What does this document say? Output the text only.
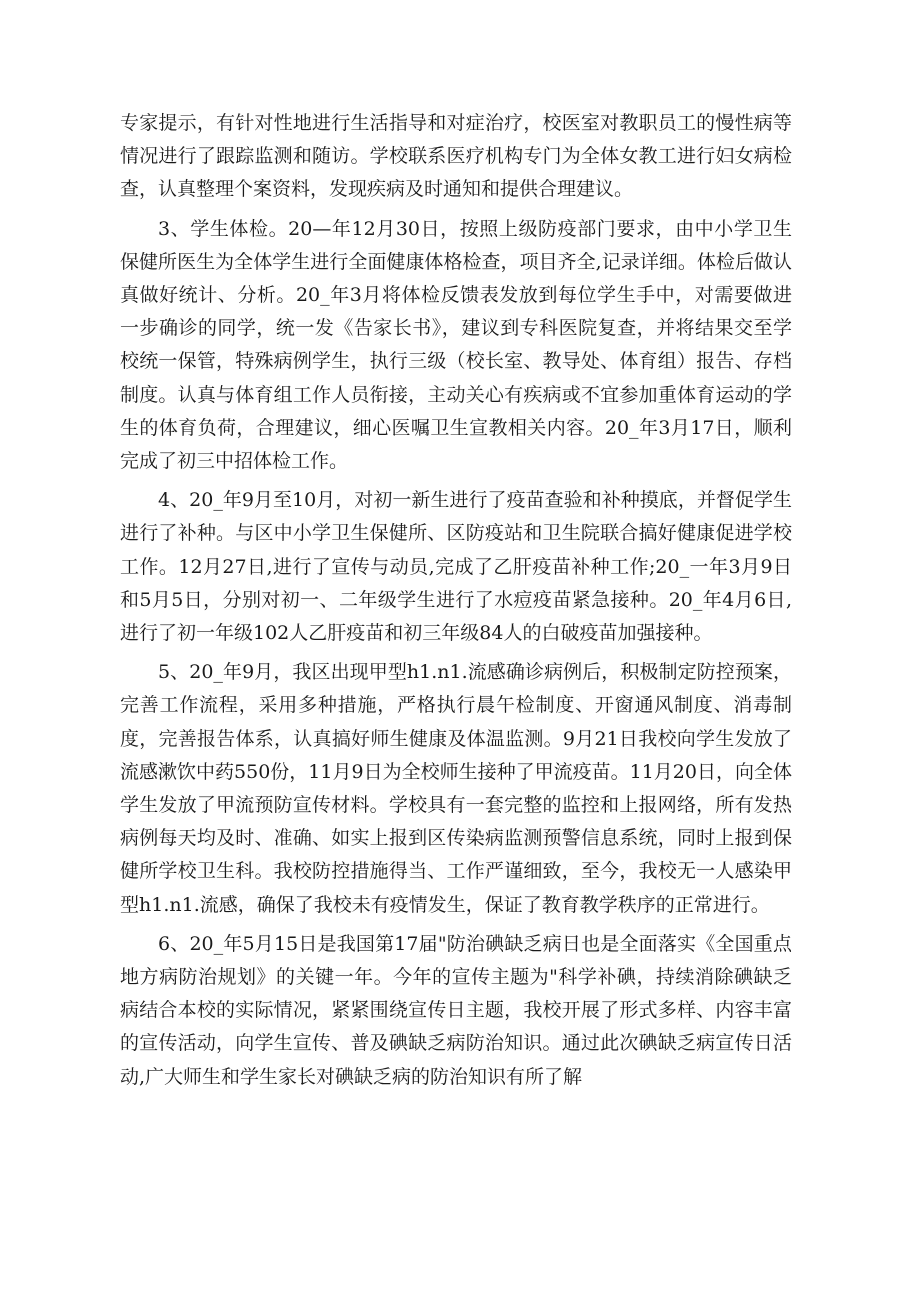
专家提示，有针对性地进行生活指导和对症治疗，校医室对教职员工的慢性病等情况进行了跟踪监测和随访。学校联系医疗机构专门为全体女教工进行妇女病检查，认真整理个案资料，发现疾病及时通知和提供合理建议。

3、学生体检。20—年12月30日，按照上级防疫部门要求，由中小学卫生保健所医生为全体学生进行全面健康体格检查，项目齐全,记录详细。体检后做认真做好统计、分析。20_年3月将体检反馈表发放到每位学生手中，对需要做进一步确诊的同学，统一发《告家长书》，建议到专科医院复查，并将结果交至学校统一保管，特殊病例学生，执行三级（校长室、教导处、体育组）报告、存档制度。认真与体育组工作人员衔接，主动关心有疾病或不宜参加重体育运动的学生的体育负荷，合理建议，细心医嘱卫生宣教相关内容。20_年3月17日，顺利完成了初三中招体检工作。

4、20_年9月至10月，对初一新生进行了疫苗查验和补种摸底，并督促学生进行了补种。与区中小学卫生保健所、区防疫站和卫生院联合搞好健康促进学校工作。12月27日,进行了宣传与动员,完成了乙肝疫苗补种工作;20_一年3月9日和5月5日，分别对初一、二年级学生进行了水痘疫苗紧急接种。20_年4月6日,进行了初一年级102人乙肝疫苗和初三年级84人的白破疫苗加强接种。

5、20_年9月，我区出现甲型h1.n1.流感确诊病例后，积极制定防控预案，完善工作流程，采用多种措施，严格执行晨午检制度、开窗通风制度、消毒制度，完善报告体系，认真搞好师生健康及体温监测。9月21日我校向学生发放了流感漱饮中药550份，11月9日为全校师生接种了甲流疫苗。11月20日，向全体学生发放了甲流预防宣传材料。学校具有一套完整的监控和上报网络，所有发热病例每天均及时、准确、如实上报到区传染病监测预警信息系统，同时上报到保健所学校卫生科。我校防控措施得当、工作严谨细致，至今，我校无一人感染甲型h1.n1.流感，确保了我校未有疫情发生，保证了教育教学秩序的正常进行。

6、20_年5月15日是我国第17届"防治碘缺乏病日也是全面落实《全国重点地方病防治规划》的关键一年。今年的宣传主题为"科学补碘，持续消除碘缺乏病结合本校的实际情况，紧紧围绕宣传日主题，我校开展了形式多样、内容丰富的宣传活动，向学生宣传、普及碘缺乏病防治知识。通过此次碘缺乏病宣传日活动,广大师生和学生家长对碘缺乏病的防治知识有所了解
